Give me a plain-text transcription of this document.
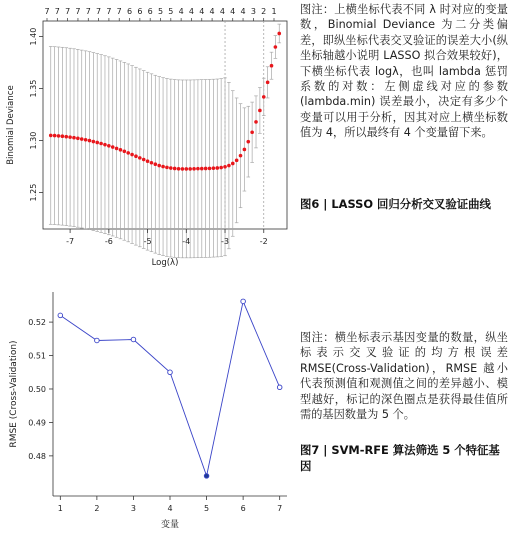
-7	-6	-5	-4	-3	-2
1.25
1.30
1.35
1.40
7 7 7 7 7 7 7 7 6 6 6 5 5 4 4 4 4 4 4 4 3 2 1
Log(λ)
Binomial Deviance
0.48
0.49
0.50
0.51
0.52
1	2	3	4	5	6	7
变量
RMSE (Cross-Validation)
图注：上横坐标代表不同 λ 时对应的变量数，Binomial Deviance 为二分类偏差，即纵坐标代表交叉验证的误差大小(纵坐标轴越小说明 LASSO 拟合效果较好)，下横坐标代表 logλ，也叫 lambda 惩罚系数的对数：左侧虚线对应的参数 (lambda.min) 误差最小，决定有多少个变量可以用于分析，因其对应上横坐标数值为 4，所以最终有 4 个变量留下来。
图6 | LASSO 回归分析交叉验证曲线
图注：横坐标表示基因变量的数量，纵坐标表示交叉验证的均方根误差 RMSE(Cross-Validation)，RMSE 越小代表预测值和观测值之间的差异越小、模型越好，标记的深色圈点是获得最佳值所需的基因数量为 5 个。
图7 | SVM-RFE 算法筛选 5 个特征基因
